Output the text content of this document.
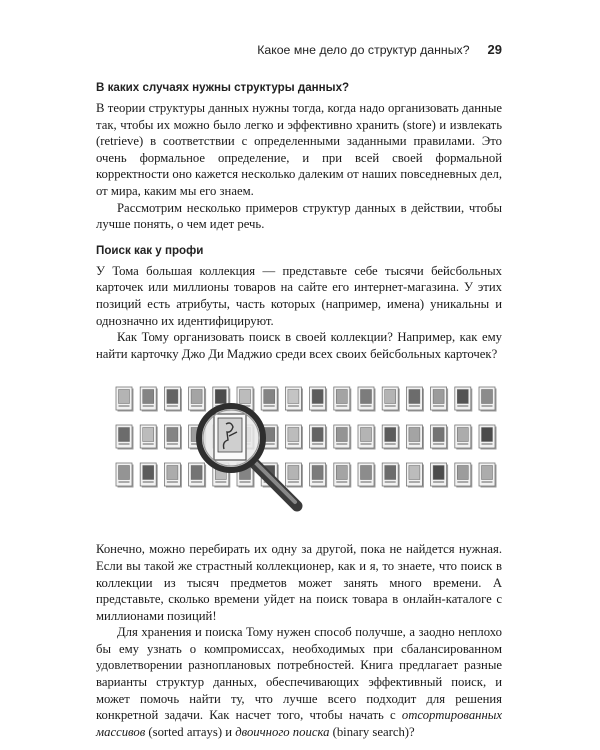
Какое мне дело до структур данных? 29
В каких случаях нужны структуры данных?

В теории структуры данных нужны тогда, когда надо организовать данные так, чтобы их можно было легко и эффективно хранить (store) и извлекать (retrieve) в соответствии с определенными заданными правилами. Это очень формальное определение, и при всей своей формальной корректности оно кажется несколько далеким от наших повседневных дел, от мира, каким мы его знаем.

Рассмотрим несколько примеров структур данных в действии, чтобы лучше понять, о чем идет речь.

Поиск как у профи

У Тома большая коллекция — представьте себе тысячи бейсбольных карточек или миллионы товаров на сайте его интернет-магазина. У этих позиций есть атрибуты, часть которых (например, имена) уникальны и однозначно их идентифицируют.

Как Тому организовать поиск в своей коллекции? Например, как ему найти карточку Джо Ди Маджио среди всех своих бейсбольных карточек?

Конечно, можно перебирать их одну за другой, пока не найдется нужная. Если вы такой же страстный коллекционер, как и я, то знаете, что поиск в коллекции из тысяч предметов может занять много времени. А представьте, сколько времени уйдет на поиск товара в онлайн-каталоге с миллионами позиций!

Для хранения и поиска Тому нужен способ получше, а заодно неплохо бы ему узнать о компромиссах, необходимых при сбалансированном удовлетворении разноплановых потребностей. Книга предлагает разные варианты структур данных, обеспечивающих эффективный поиск, и может помочь найти ту, что лучше всего подходит для решения конкретной задачи. Как насчет того, чтобы начать с отсортированных массивов (sorted arrays) и двоичного поиска (binary search)?
